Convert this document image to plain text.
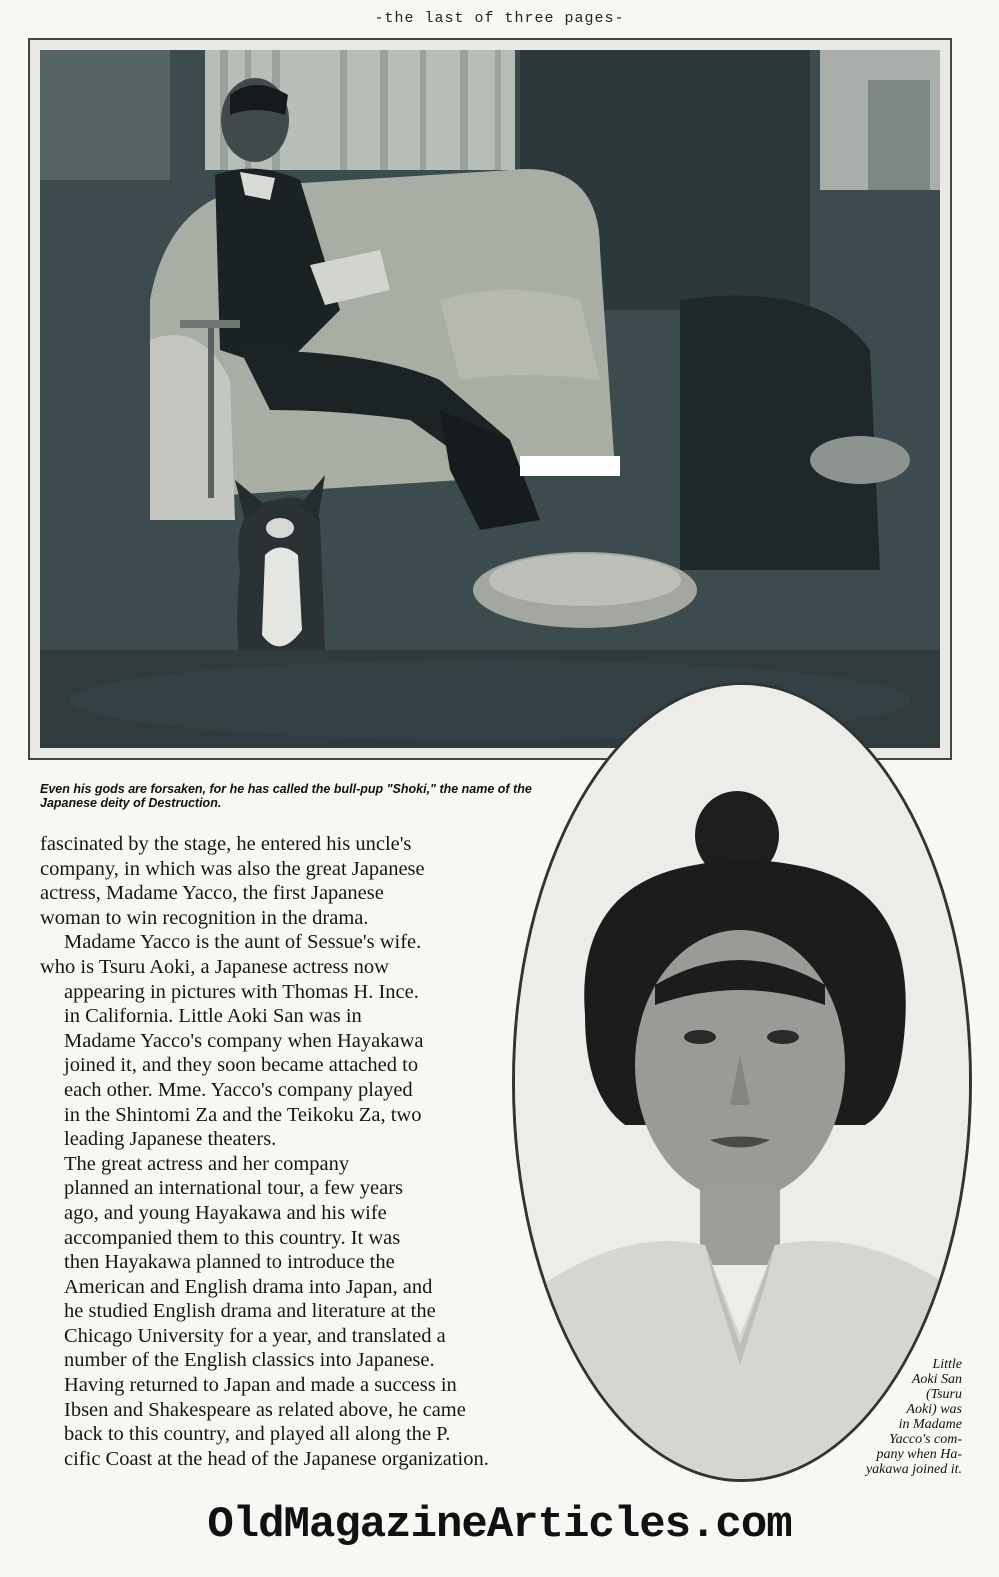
-the last of three pages-
Even his gods are forsaken, for he has called the bull-pup "Shoki," the name of the Japanese deity of Destruction.

fascinated by the stage, he entered his uncle's
company, in which was also the great Japanese
actress, Madame Yacco, the first Japanese
woman to win recognition in the drama.

Madame Yacco is the aunt of Sessue's wife.
who is Tsuru Aoki, a Japanese actress now
appearing in pictures with Thomas H. Ince.
in California. Little Aoki San was in
Madame Yacco's company when Hayakawa
joined it, and they soon became attached to
each other. Mme. Yacco's company played
in the Shintomi Za and the Teikoku Za, two
leading Japanese theaters.

The great actress and her company
planned an international tour, a few years
ago, and young Hayakawa and his wife
accompanied them to this country. It was
then Hayakawa planned to introduce the
American and English drama into Japan, and
he studied English drama and literature at the
Chicago University for a year, and translated a
number of the English classics into Japanese.
Having returned to Japan and made a success in
Ibsen and Shakespeare as related above, he came
back to this country, and played all along the P.
cific Coast at the head of the Japanese organization.

Little
Aoki San
(Tsuru
Aoki) was
in Madame
Yacco's com-
pany when Ha-
yakawa joined it.
OldMagazineArticles.com
